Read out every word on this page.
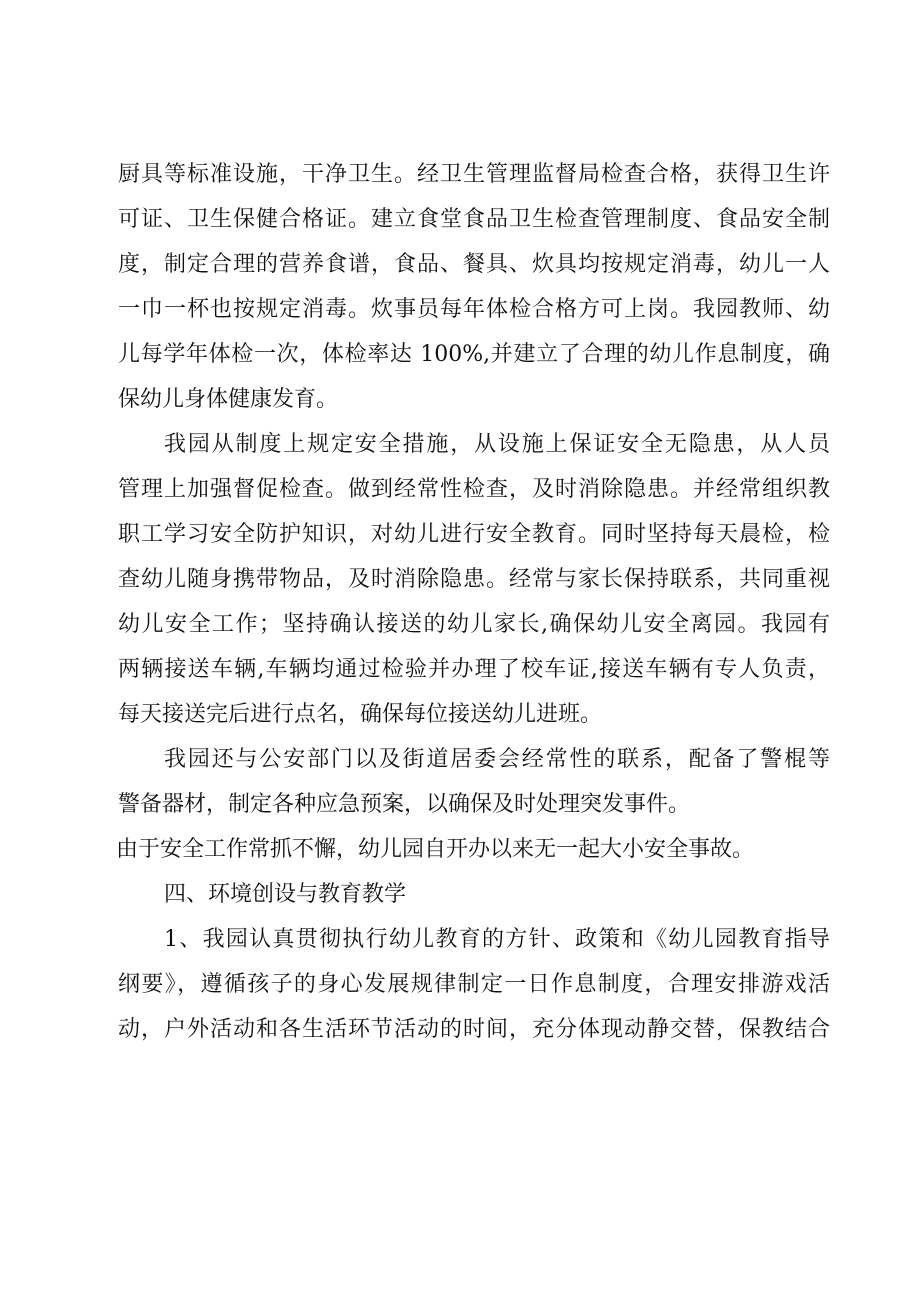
厨具等标准设施，干净卫生。经卫生管理监督局检查合格，获得卫生许
可证、卫生保健合格证。建立食堂食品卫生检查管理制度、食品安全制
度，制定合理的营养食谱，食品、餐具、炊具均按规定消毒，幼儿一人
一巾一杯也按规定消毒。炊事员每年体检合格方可上岗。我园教师、幼
儿每学年体检一次，体检率达 100%,并建立了合理的幼儿作息制度，确
保幼儿身体健康发育。
我园从制度上规定安全措施，从设施上保证安全无隐患，从人员
管理上加强督促检查。做到经常性检查，及时消除隐患。并经常组织教
职工学习安全防护知识，对幼儿进行安全教育。同时坚持每天晨检，检
查幼儿随身携带物品，及时消除隐患。经常与家长保持联系，共同重视
幼儿安全工作；坚持确认接送的幼儿家长,确保幼儿安全离园。我园有
两辆接送车辆,车辆均通过检验并办理了校车证,接送车辆有专人负责，
每天接送完后进行点名，确保每位接送幼儿进班。
我园还与公安部门以及街道居委会经常性的联系，配备了警棍等
警备器材，制定各种应急预案，以确保及时处理突发事件。
由于安全工作常抓不懈，幼儿园自开办以来无一起大小安全事故。
四、环境创设与教育教学
1、我园认真贯彻执行幼儿教育的方针、政策和《幼儿园教育指导
纲要》，遵循孩子的身心发展规律制定一日作息制度，合理安排游戏活
动，户外活动和各生活环节活动的时间，充分体现动静交替，保教结合
